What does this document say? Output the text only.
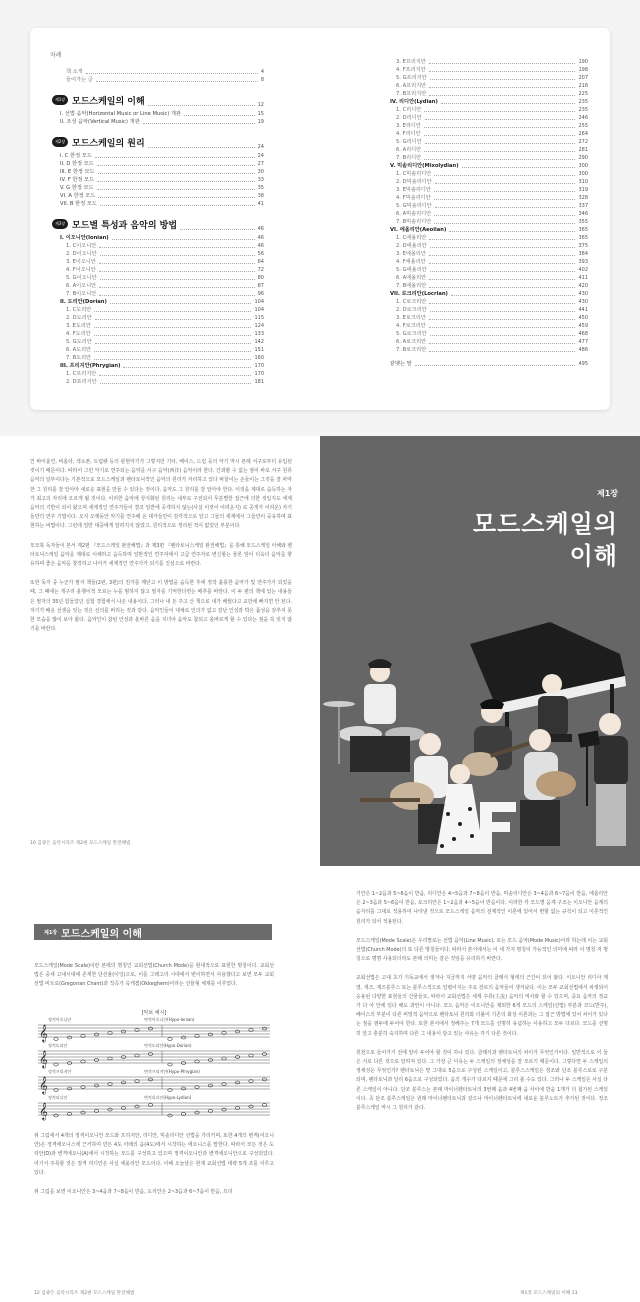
차례
책 소개	4
들어가는 글	8
제1장 모드스케일의 이해	12
I. 선법 음악(Horizontal Music or Line Music) 개관	15
II. 조성 음악(Vertical Music) 개관	19
제2장 모드스케일의 원리	24
I. C 한정 모드	24
II. D 한정 모드	27
III. E 한정 모드	30
IV. F 한정 모드	33
V. G 한정 모드	35
VI. A 한정 모드	38
VII. B 한정 모드	41
제3장 모드별 특성과 음악의 방법	46
I. 이오니안(Ionian)	46
1. C이오니안	46
2. D이오니안	56
3. E이오니안	64
4. F이오니안	72
5. G이오니안	80
6. A이오니안	87
7. B이오니안	96
II. 도리안(Dorian)	104
1. C도리안	104
2. D도리안	115
3. E도리안	124
4. F도리안	133
5. G도리안	142
6. A도리안	151
7. B도리안	160
III. 프리지안(Phrygian)	170
1. C프리지안	170
2. D프리지안	181
3. E프리지안	190
4. F프리지안	198
5. G프리지안	207
6. A프리지안	216
7. B프리지안	225
IV. 리디안(Lydian)	235
1. C리디안	235
2. D리디안	246
3. E리디안	255
4. F리디안	264
5. G리디안	272
6. A리디안	281
7. B리디안	290
V. 믹솔리디안(Mixolydian)	300
1. C믹솔리디안	300
2. D믹솔리디안	310
3. E믹솔리디안	319
4. F믹솔리디안	328
5. G믹솔리디안	337
6. A믹솔리디안	346
7. B믹솔리디안	355
VI. 에올리안(Aeolian)	365
1. C에올리안	365
2. D에올리안	375
3. E에올리안	384
4. F에올리안	393
5. G에올리안	402
6. A에올리안	411
7. B에올리안	420
VII. 로크리안(Locrian)	430
1. C로크리안	430
2. D로크리안	441
3. E로크리안	450
4. F로크리안	459
5. G로크리안	468
6. A로크리안	477
7. B로크리안	486
끝맺는 말	495

인 바이올린, 비올라, 색소폰, 트럼펫 등의 관현악기가 그렇지만 기타, 베이스, 드럼 등의 악기 역시 본래 서구로부터 유입된 것이기 때문이다. 따라서 그런 악기로 연주되는 음악을 서구 음악(西洋) 음악이라 한다. 간과할 수 없는 점이 바로 서구 원류 음악의 일부이다는 기본적으로 모드스케일과 펜타토닉적인 음악의 원리가 자리하고 있다 바꿀이는 손들이는 그것을 잘 파악한 그 원리를 잘 알아야 새로운 표현을 만들 수 있다는 것이다. 음악도 그 원리를 잘 알아야 한다. 이것을 제대로 습득하는 자가 최고의 자리에 오르게 될 것이다. 이러한 음악에 상식화된 원리는 내부로 구전되어 무분별한 접근에 의한 것일지도 세계 음악의 기반이 되어 왔으며 세계적인 연주가들이 결코 일반에 공개하지 않는(사실 이것이 어려운지) 로 공개가 어려운) 자기들만의 연주 기법이다. 오지 오랫동안 악기를 연주해 온 대가들만이 감각적으로 알고 그들의 세계에서 그들만이 공유하며 표현하는 비법이다. 그런데 일반 대중에게 알려지지 않았고, 원리적으로 정리된 적이 없었던 부분이다.

모모북 독자들이 본서 제2편 『모드스케일 완전해법』과 제3편 『펜타토닉스케일 완전해법』을 통해 모드스케일 이해와 펜타토닉스케일 음악을 제대로 이해하고 습득하며 일반적인 연주자에서 고급 연주자로 변신할는 물론 앞이 더욱더 음악을 향유하며 좋은 음악을 창작하고 나아가 세계적인 연주가가 되기를 진심으로 바란다.

또한 독자 중 누군가 필자 책들(2편, 3편)의 친가를 깨닫고 이 방법을 습득한 후에 정작 훌륭한 음악가 및 연주가가 되었을 때, 그 때에는 개구리 올챙이적 모르는 누를 범하지 않고 필자를 기억한다면는 배추를 바란다. 이 두 편의 책에 있는 내용들은 필자의 35년 힘들었던 실험 경험에서 나온 내용이다. 그러나 내 돈 주고 산 책으로 내가 배웠다고 교만에 빠지면 안 된다. 자기가 배운 선생을 잊는 것은 선의를 버리는 것과 같다. 음악인들이 대체로 인의가 없고 잘난 인성과 박은 품성을 갖추지 못한 모습을 많이 보아 왔다. 음악인이 참된 인성과 올바른 음을 지녀야 음악도 참되고 올바르게 할 수 있다는 점을 꼭 잊지 않기를 바란다.

10 김광은 음악시리즈 제2편 모드스케일 완전해법
제1장
모드스케일의
이해
제1장 모드스케일의 이해

모드스케일(Mode Scale)이란 본래의 명칭인 교회선법(Church Mode)을 현대적으로 표현한 명칭이다. 교회선법은 중세 고대시대에 존재한 단선율(이잉)으로, 이를 그레고리 시대에서 번이하면서 사용했다고 보면 모두 교회선법 비트로(Gregorian Chant)과 작곡가 옥케겜(Okkeghem)이라는 선율형 체제를 이루었다.

[악보 예시]
정격이오니안	변격이오니안(Hypo-Ionian)
𝄞
정격도리안	변격도리안(Hypo-Dorian)
𝄞
정격프리지안	변격프리지안(Hypo-Phrygian)
𝄞
정격리디안	변격리디안(Hypo-Lydian)
𝄞

위 그림에서 4개의 정격이오니안 모드와 프리지안, 리디안, 믹솔리디안 선법을 가리키며, 또한 4개의 변격(어오니안)은 정격에오니스에 근거하여 만든 4도 아래의 음(4도)에서 시작하는 에오니스를 말한다. 따라서 모든 것은 도리안(D)과 변격에오니(A)에서 시작하는 모드를 구성하고 있으며 정격이오니안과 변격에오니안으로 구성되었다. 여기서 주목할 것은 정격 리디안은 사실 에올리안 모드이다. 이해 오늘날은 현재 교회선법 대략 5개 조를 이루고 있다.

위 그림을 보면 이오니안은 3~4음과 7~8음이 반음, 도리안은 2~3음과 6~7음이 반음, 프리

12 김광은 음악시리즈 제2편 모드스케일 완전해법

기안은 1~2음과 5~6음이 반음, 리디안은 4~5음과 7~8음이 반음, 믹솔리디안은 3~4음과 6~7음이 반음, 에올리안은 2~3음과 5~6음이 반음, 로크리안은 1~2음과 4~5음이 반음이다. 이러한 각 모드별 음계 구조는 이오니안 음계의 음자리를 그대로 적용하여 나타낸 것으로 모드스케일 음악의 전제적인 이론에 있어서 변할 없는 규칙이 되고 이론적인 원리가 되어 적용된다.

모드스케일(Mode Scale)은 우리말로는 선법 음악(Line Music), 또는 모드 음악(Mode Music)이라 하는데 이는 교회선법(Church Mode)의 또 다른 명칭들이다. 따라서 본서에서는 이 네 가지 명칭이 가능적인 의미에 따라 이 명칭 저 명칭으로 명명 사용되더라도 본래 의미는 같은 것임을 유의하기 바란다.

교회선법은 고대 초기 기독교에서 생겨나 지금까지 서양 음악의 클래식 형태의 근간이 되어 왔다. 이오니안 리디아 계열, 재즈, 재즈블루스 또는 블루스적으로 일렬이지는 주요 장르의 음악들이 생겨났다. 이는 모두 교회선법에서 파생되어 응용된 다양한 표현들의 산물들로, 따라서 교회선법은 세계 주류(主流) 음악의 역사와 할 수 있으며, 중요 음악의 정교가 다 아 안에 있다 해도 과언이 아니다. 모드 음악은 이오니안을 제외한 6개 모드의 스케일(선법) 부분과 코드(반주), 베이스의 부분이 다른 비밀적 음악으로 펜타토닉 원리와 더불어 기존의 화성 이론과는 그 접근 방법에 있어 차이가 있다는 점을 염두에 두어야 한다. 또한 본서에서 정해주는 7개 모드를 선명히 유념하는 사용하고 모두 다르다. 모드를 선명히 알고 충분히 숙지하며 다른 그 내용이 담고 있는 사유는 각기 다른 것이다.

원천으로 들어가기 전에 알아 두어야 할 것이 하나 있다. 클래식과 펜타토닉의 차이가 무엇인가이다. 일반적으로 이 둘은 서로 다른 것으로 알려져 있다. 그 가장 큰 이유는 두 스케일의 정체성을 잘 모르기 때문이다. 그렇다면 두 스케일의 정체성은 무엇인가? 펜타토닉은 말 그대로 5음으로 구성된 스케일이고, 블루스스케일은 정조와 단조 블루스로로 구분되며, 펜타토닉과 달리 6음으로 구성되었다. 음의 개수가 다르지 때문에 그리 볼 수도 있다. 그러나 두 스케일은 사실 다른 스케일이 아니다. 단조 블루스는 본래 마이너펜타토닉의 3번째 음과 4번째 음 사이에 반음 1개가 더 첨가된 스케일이다. 즉 단조 블루스케일은 원래 마이너펜타토닉과 같으나 마이너펜타토닉에 새로운 블루노트가 추가된 것이다. 정조블루스케일 역시 그 원리가 같다.

제1장 모드스케일의 이해 13
